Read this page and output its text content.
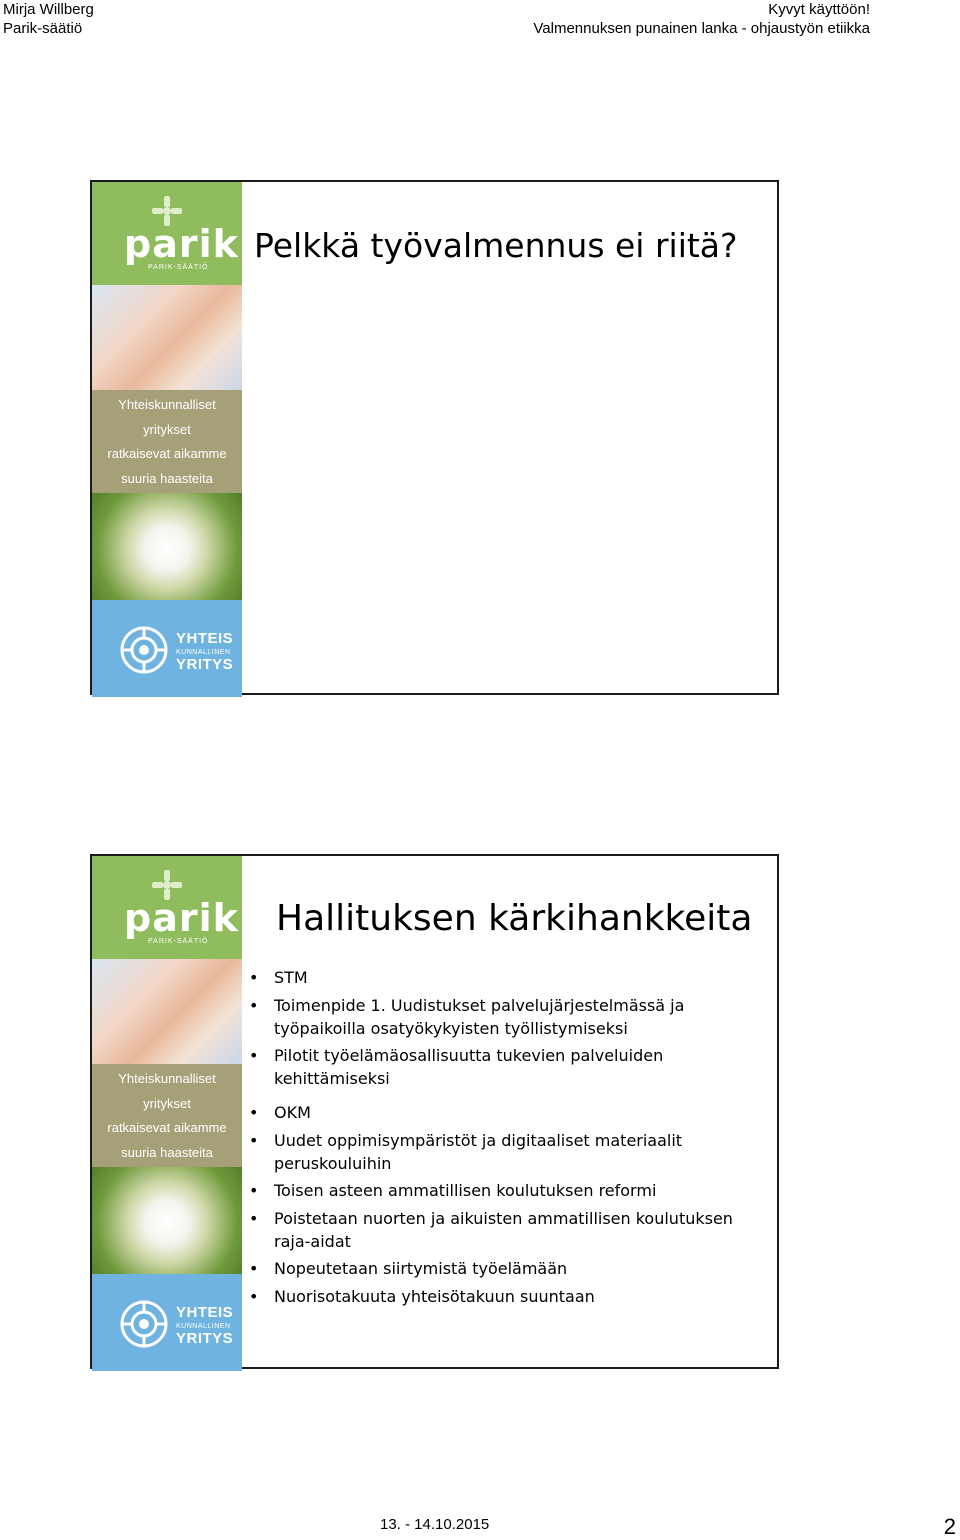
Mirja Willberg
Parik-säätiö
Kyvyt käyttöön!
Valmennuksen punainen lanka - ohjaustyön etiikka
parik
PARIK-SÄÄTIÖ
Yhteiskunnalliset
yritykset
ratkaisevat aikamme
suuria haasteita
YHTEIS
KUNNALLINEN
YRITYS
Pelkkä työvalmennus ei riitä?
parik
PARIK-SÄÄTIÖ
Yhteiskunnalliset
yritykset
ratkaisevat aikamme
suuria haasteita
YHTEIS
KUNNALLINEN
YRITYS
Hallituksen kärkihankkeita
• STM
• Toimenpide 1. Uudistukset palvelujärjestelmässä ja työpaikoilla osatyökykyisten työllistymiseksi
• Pilotit työelämäosallisuutta tukevien palveluiden kehittämiseksi
• OKM
• Uudet oppimisympäristöt ja digitaaliset materiaalit peruskouluihin
• Toisen asteen ammatillisen koulutuksen reformi
• Poistetaan nuorten ja aikuisten ammatillisen koulutuksen raja-aidat
• Nopeutetaan siirtymistä työelämään
• Nuorisotakuuta yhteisötakuun suuntaan
13. - 14.10.2015	2
